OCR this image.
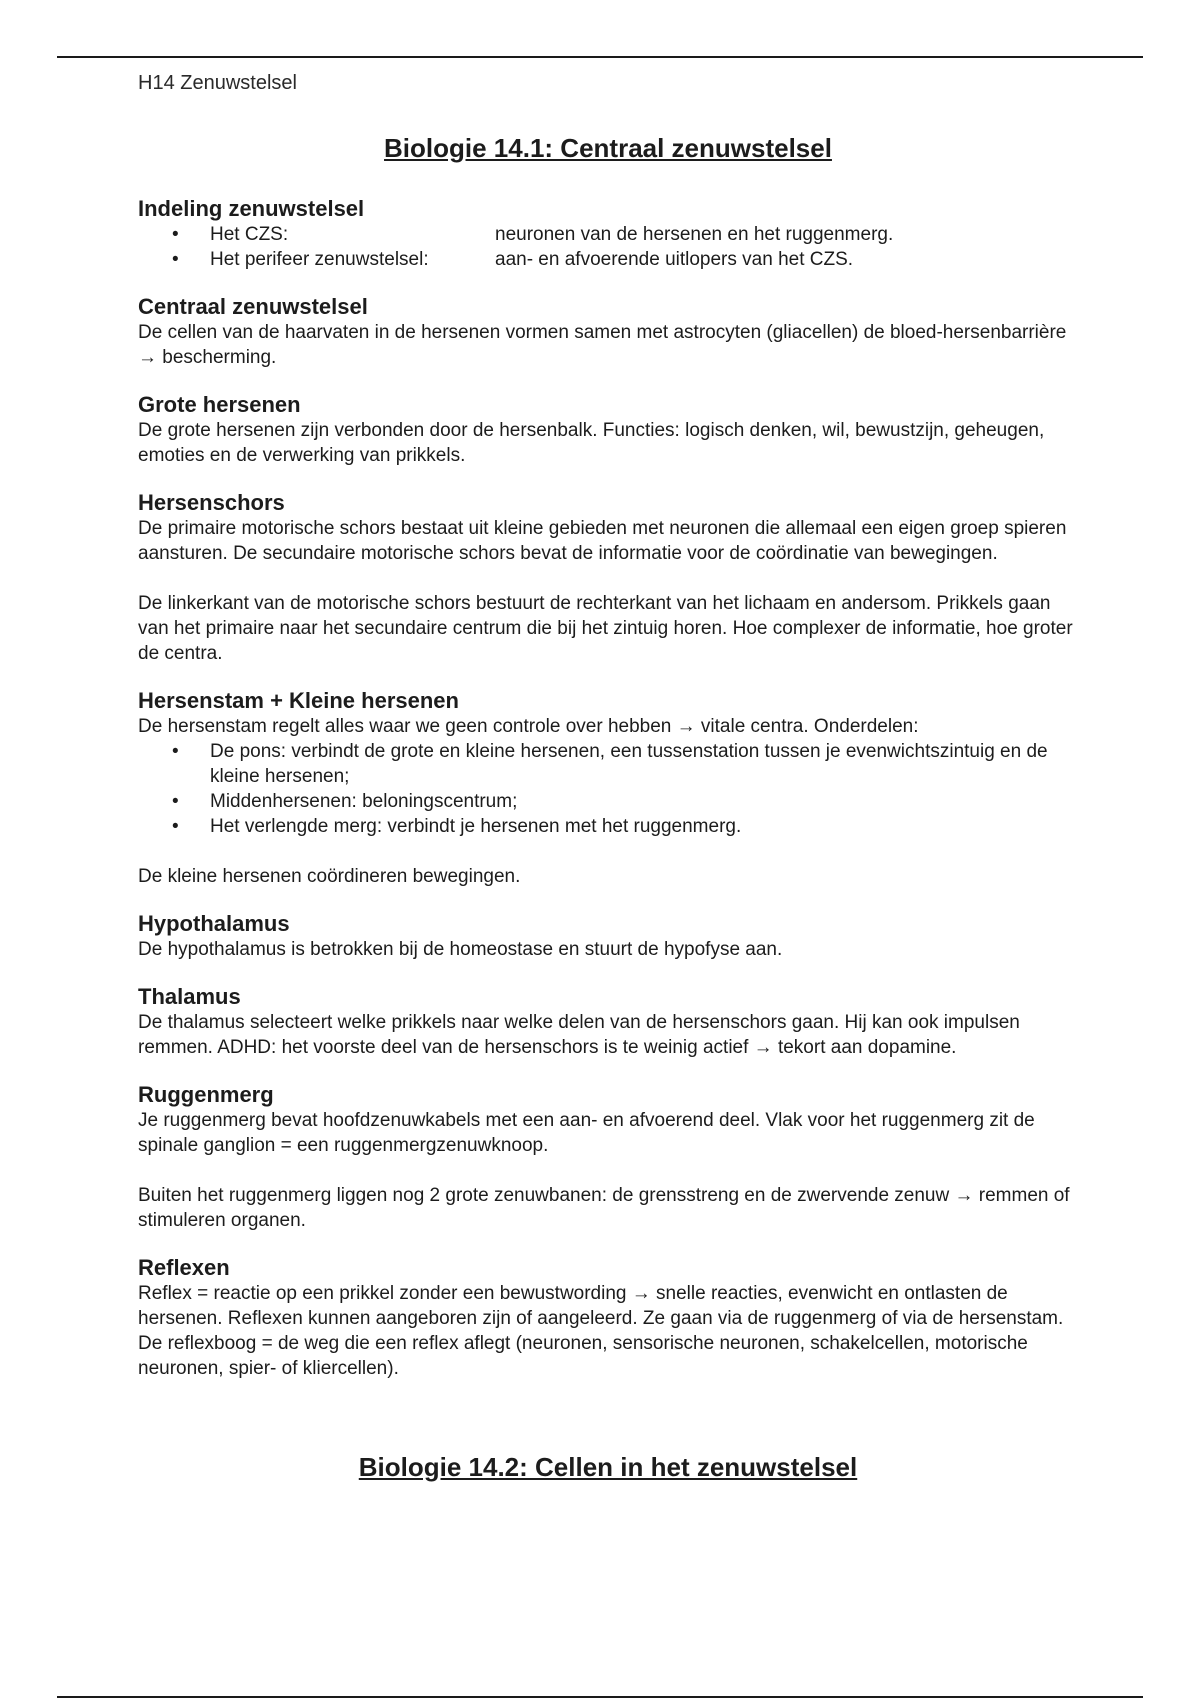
H14 Zenuwstelsel
Biologie 14.1: Centraal zenuwstelsel
Indeling zenuwstelsel
• Het CZS:	neuronen van de hersenen en het ruggenmerg.
• Het perifeer zenuwstelsel:	aan- en afvoerende uitlopers van het CZS.
Centraal zenuwstelsel

De cellen van de haarvaten in de hersenen vormen samen met astrocyten (gliacellen) de bloed-hersenbarrière → bescherming.

Grote hersenen

De grote hersenen zijn verbonden door de hersenbalk. Functies: logisch denken, wil, bewustzijn, geheugen, emoties en de verwerking van prikkels.

Hersenschors

De primaire motorische schors bestaat uit kleine gebieden met neuronen die allemaal een eigen groep spieren aansturen. De secundaire motorische schors bevat de informatie voor de coördinatie van bewegingen.

De linkerkant van de motorische schors bestuurt de rechterkant van het lichaam en andersom. Prikkels gaan van het primaire naar het secundaire centrum die bij het zintuig horen. Hoe complexer de informatie, hoe groter de centra.

Hersenstam + Kleine hersenen

De hersenstam regelt alles waar we geen controle over hebben → vitale centra. Onderdelen:

• De pons: verbindt de grote en kleine hersenen, een tussenstation tussen je evenwichtszintuig en de kleine hersenen;
• Middenhersenen: beloningscentrum;
• Het verlengde merg: verbindt je hersenen met het ruggenmerg.

De kleine hersenen coördineren bewegingen.

Hypothalamus

De hypothalamus is betrokken bij de homeostase en stuurt de hypofyse aan.

Thalamus

De thalamus selecteert welke prikkels naar welke delen van de hersenschors gaan. Hij kan ook impulsen remmen. ADHD: het voorste deel van de hersenschors is te weinig actief → tekort aan dopamine.

Ruggenmerg

Je ruggenmerg bevat hoofdzenuwkabels met een aan- en afvoerend deel. Vlak voor het ruggenmerg zit de spinale ganglion = een ruggenmergzenuwknoop.

Buiten het ruggenmerg liggen nog 2 grote zenuwbanen: de grensstreng en de zwervende zenuw → remmen of stimuleren organen.

Reflexen

Reflex = reactie op een prikkel zonder een bewustwording → snelle reacties, evenwicht en ontlasten de hersenen. Reflexen kunnen aangeboren zijn of aangeleerd. Ze gaan via de ruggenmerg of via de hersenstam. De reflexboog = de weg die een reflex aflegt (neuronen, sensorische neuronen, schakelcellen, motorische neuronen, spier- of kliercellen).

Biologie 14.2: Cellen in het zenuwstelsel
